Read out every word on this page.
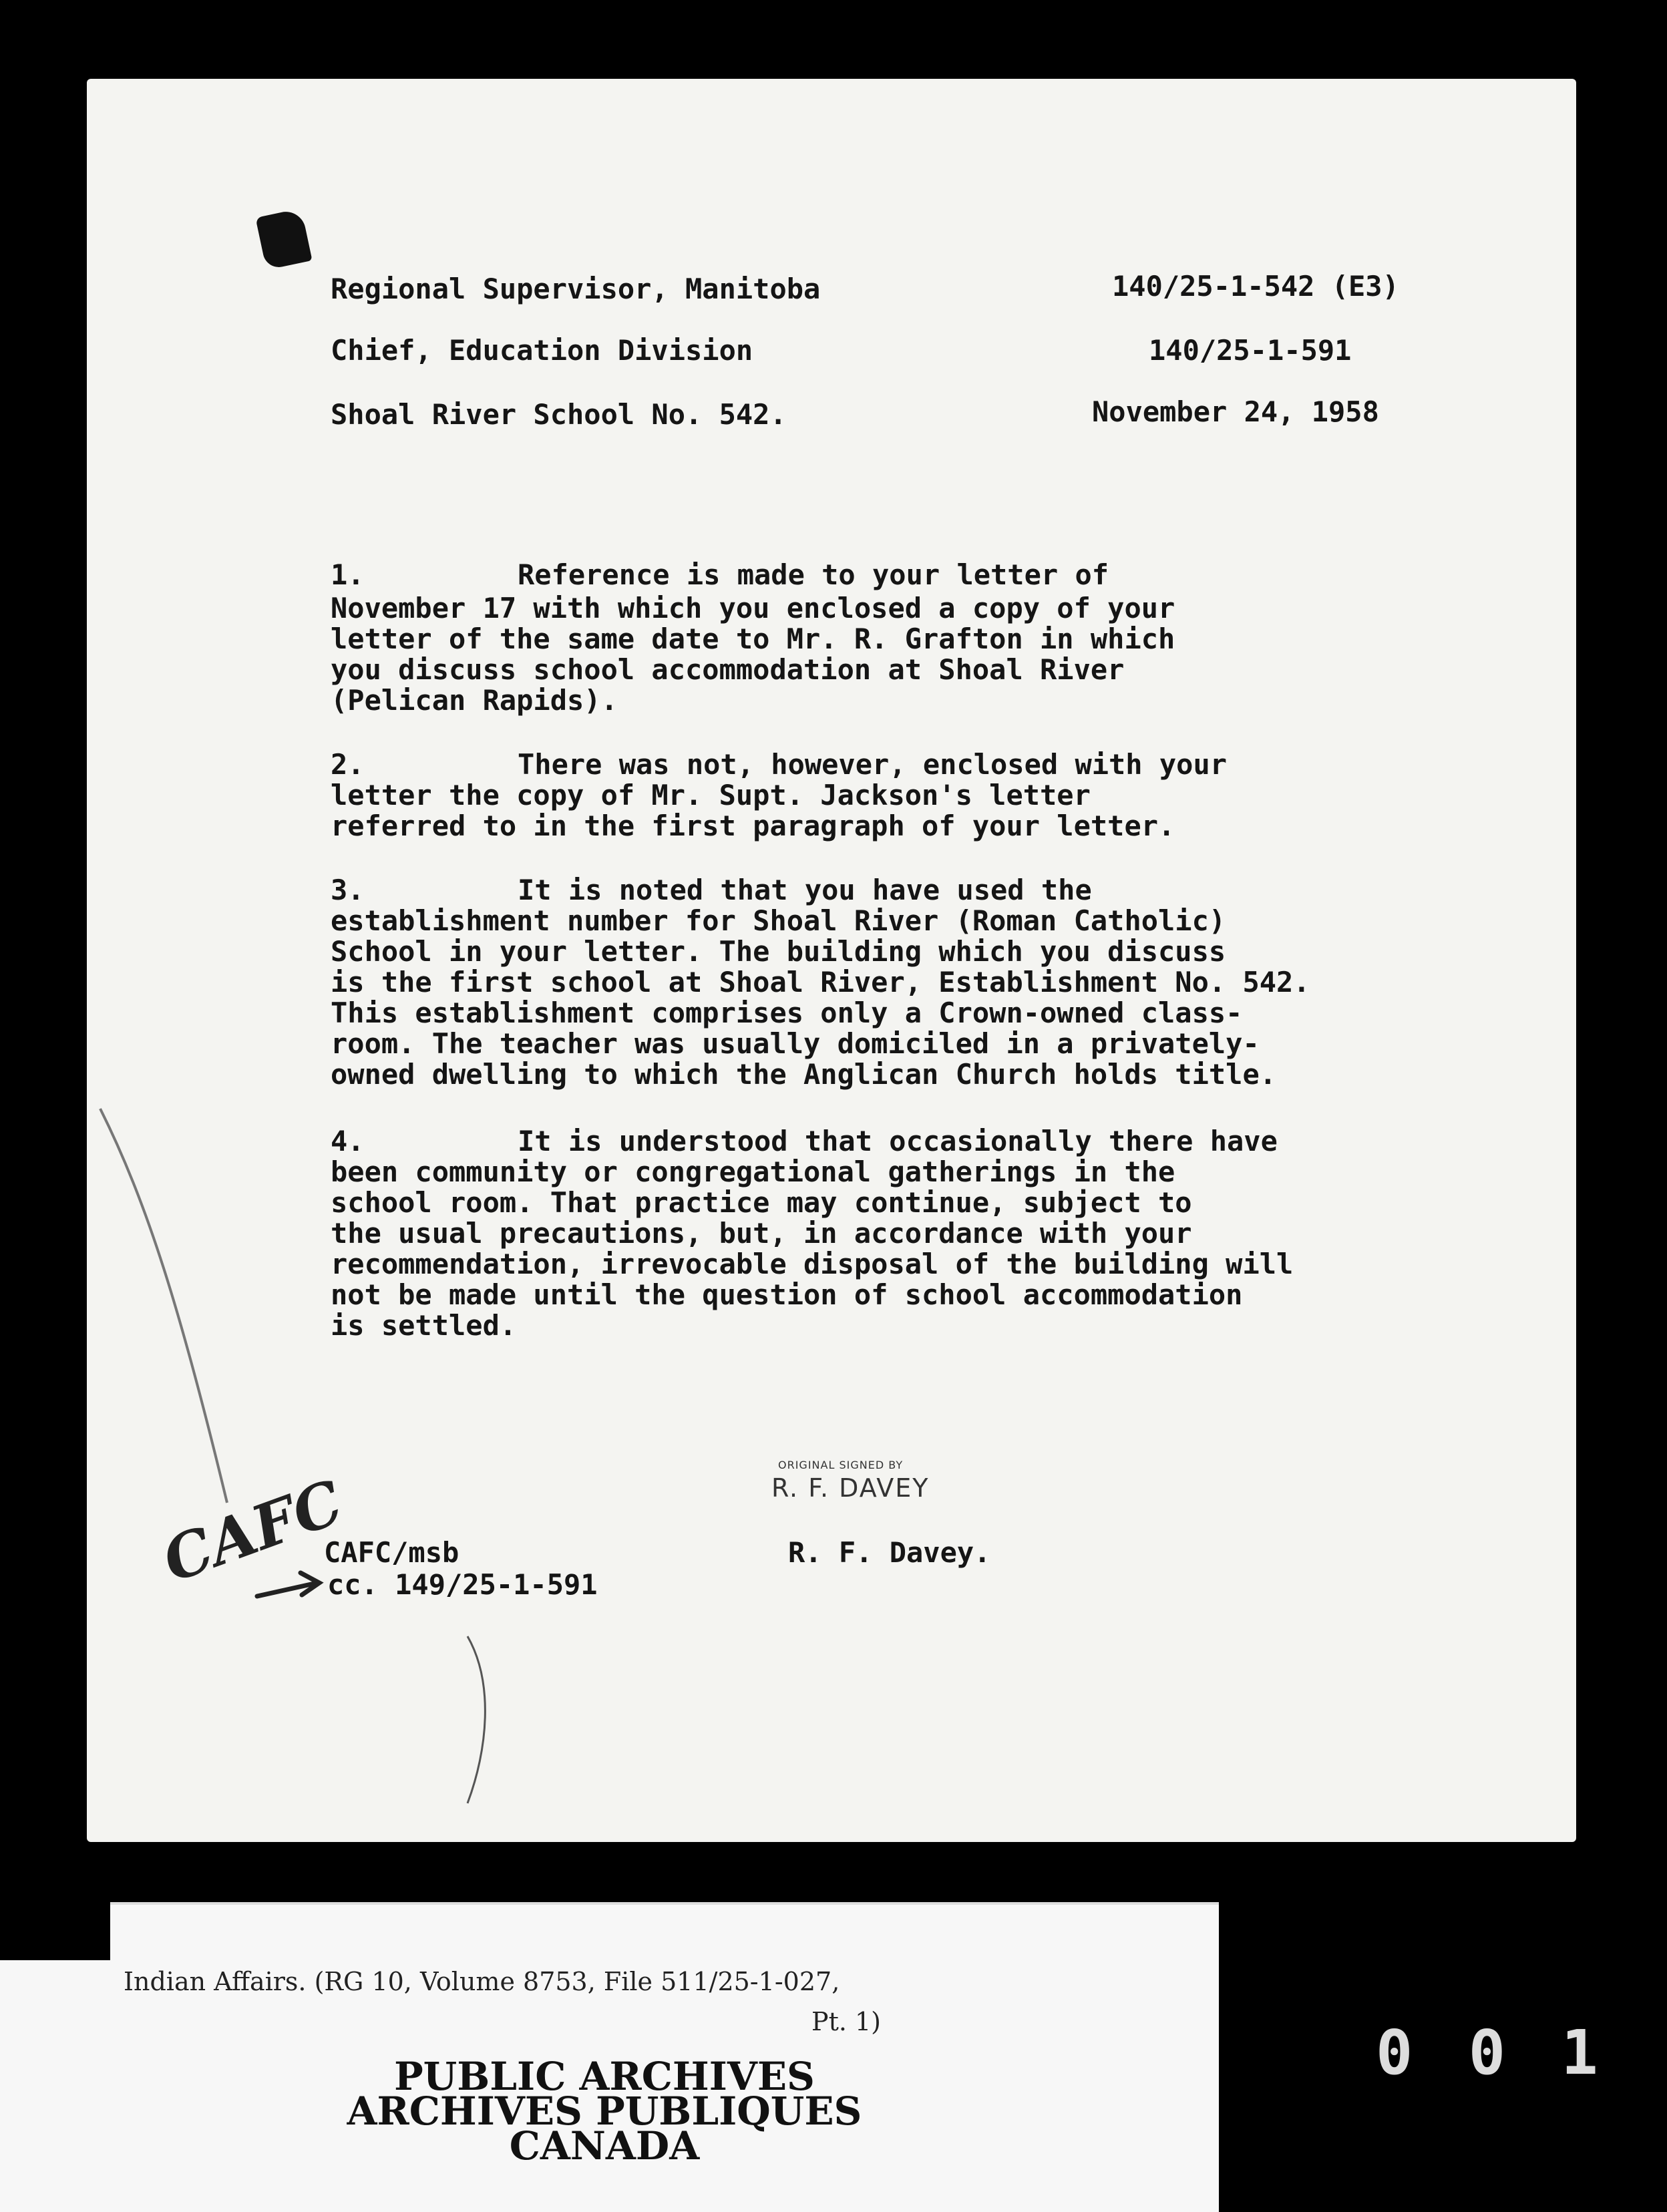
Regional Supervisor, Manitoba
Chief, Education Division
Shoal River School No. 542.
140/25-1-542 (E3)
140/25-1-591
November 24, 1958
1.	Reference is made to your letter of
November 17 with which you enclosed a copy of your
letter of the same date to Mr. R. Grafton in which
you discuss school accommodation at Shoal River
(Pelican Rapids).
2.	There was not, however, enclosed with your
letter the copy of Mr. Supt. Jackson's letter
referred to in the first paragraph of your letter.
3.	It is noted that you have used the
establishment number for Shoal River (Roman Catholic)
School in your letter. The building which you discuss
is the first school at Shoal River, Establishment No. 542.
This establishment comprises only a Crown-owned class-
room. The teacher was usually domiciled in a privately-
owned dwelling to which the Anglican Church holds title.
4.	It is understood that occasionally there have
been community or congregational gatherings in the
school room. That practice may continue, subject to
the usual precautions, but, in accordance with your
recommendation, irrevocable disposal of the building will
not be made until the question of school accommodation
is settled.
ORIGINAL SIGNED BY
R. F. DAVEY
R. F. Davey.
CAFC
CAFC/msb
cc. 149/25-1-591
Indian Affairs. (RG 10, Volume 8753, File 511/25-1-027,
Pt. 1)
PUBLIC ARCHIVES
ARCHIVES PUBLIQUES
CANADA
0 0 1
